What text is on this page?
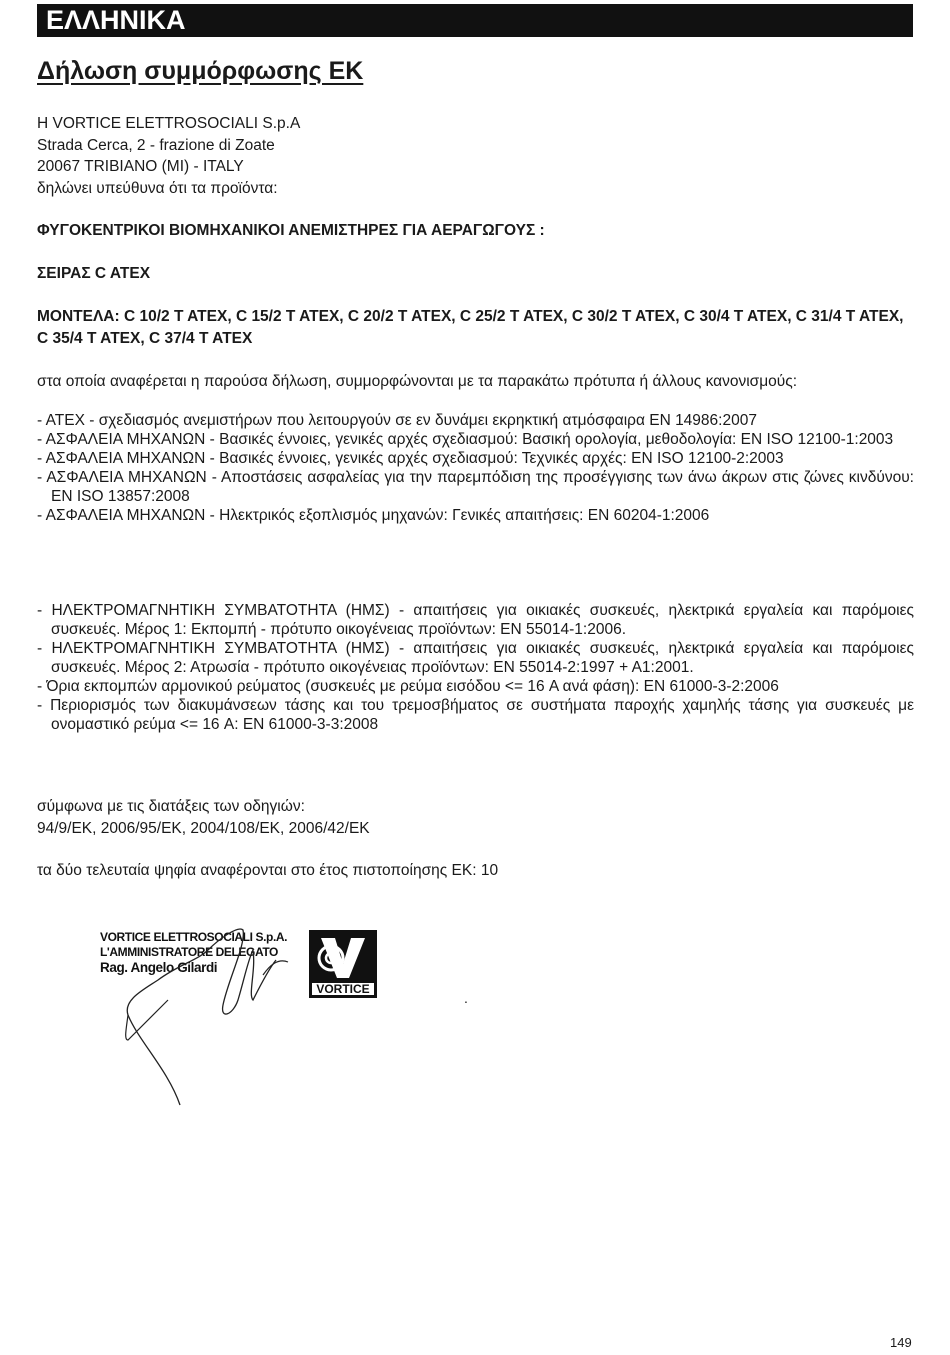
ΕΛΛΗΝΙΚΑ
Δήλωση συμμόρφωσης ΕΚ
Η VORTICE ELETTROSOCIALI S.p.A
Strada Cerca, 2 - frazione di Zoate
20067 TRIBIANO (MI) - ITALY
δηλώνει υπεύθυνα ότι τα προϊόντα:
ΦΥΓΟΚΕΝΤΡΙΚΟΙ ΒΙΟΜΗΧΑΝΙΚΟΙ ΑΝΕΜΙΣΤΗΡΕΣ ΓΙΑ ΑΕΡΑΓΩΓΟΥΣ :
ΣΕΙΡΑΣ C ATEX
ΜΟΝΤΕΛΑ: C 10/2 T ATEX, C 15/2 T ATEX, C 20/2 T ATEX, C 25/2 T ATEX, C 30/2 T ATEX, C 30/4 T ATEX, C 31/4 T ATEX, C 35/4 T ATEX, C 37/4 T ATEX
στα οποία αναφέρεται η παρούσα δήλωση, συμμορφώνονται με τα παρακάτω πρότυπα ή άλλους κανονισμούς:
- ATEX - σχεδιασμός ανεμιστήρων που λειτουργούν σε εν δυνάμει εκρηκτική ατμόσφαιρα EN 14986:2007
- ΑΣΦΑΛΕΙΑ ΜΗΧΑΝΩΝ - Βασικές έννοιες, γενικές αρχές σχεδιασμού: Βασική ορολογία, μεθοδολογία: EN ISO 12100-1:2003
- ΑΣΦΑΛΕΙΑ ΜΗΧΑΝΩΝ - Βασικές έννοιες, γενικές αρχές σχεδιασμού: Τεχνικές αρχές: EN ISO 12100-2:2003
- ΑΣΦΑΛΕΙΑ ΜΗΧΑΝΩΝ - Αποστάσεις ασφαλείας για την παρεμπόδιση της προσέγγισης των άνω άκρων στις ζώνες κινδύνου: EN ISO 13857:2008
- ΑΣΦΑΛΕΙΑ ΜΗΧΑΝΩΝ - Ηλεκτρικός εξοπλισμός μηχανών: Γενικές απαιτήσεις: EN 60204-1:2006
- ΗΛΕΚΤΡΟΜΑΓΝΗΤΙΚΗ ΣΥΜΒΑΤΟΤΗΤΑ (ΗΜΣ) - απαιτήσεις για οικιακές συσκευές, ηλεκτρικά εργαλεία και παρόμοιες συσκευές. Μέρος 1: Εκπομπή - πρότυπο οικογένειας προϊόντων: EN 55014-1:2006.
- ΗΛΕΚΤΡΟΜΑΓΝΗΤΙΚΗ ΣΥΜΒΑΤΟΤΗΤΑ (ΗΜΣ) - απαιτήσεις για οικιακές συσκευές, ηλεκτρικά εργαλεία και παρόμοιες συσκευές. Μέρος 2: Ατρωσία - πρότυπο οικογένειας προϊόντων: EN 55014-2:1997 + A1:2001.
- Όρια εκπομπών αρμονικού ρεύματος (συσκευές με ρεύμα εισόδου <= 16 A ανά φάση): EN 61000-3-2:2006
- Περιορισμός των διακυμάνσεων τάσης και του τρεμοσβήματος σε συστήματα παροχής χαμηλής τάσης για συσκευές με ονομαστικό ρεύμα <= 16 A: EN 61000-3-3:2008
σύμφωνα με τις διατάξεις των οδηγιών:
94/9/EK, 2006/95/EK, 2004/108/EK, 2006/42/EK
τα δύο τελευταία ψηφία αναφέρονται στο έτος πιστοποίησης ΕΚ: 10
VORTICE ELETTROSOCIALI S.p.A.
L'AMMINISTRATORE DELEGATO
Rag. Angelo Gilardi
VORTICE
.
149
